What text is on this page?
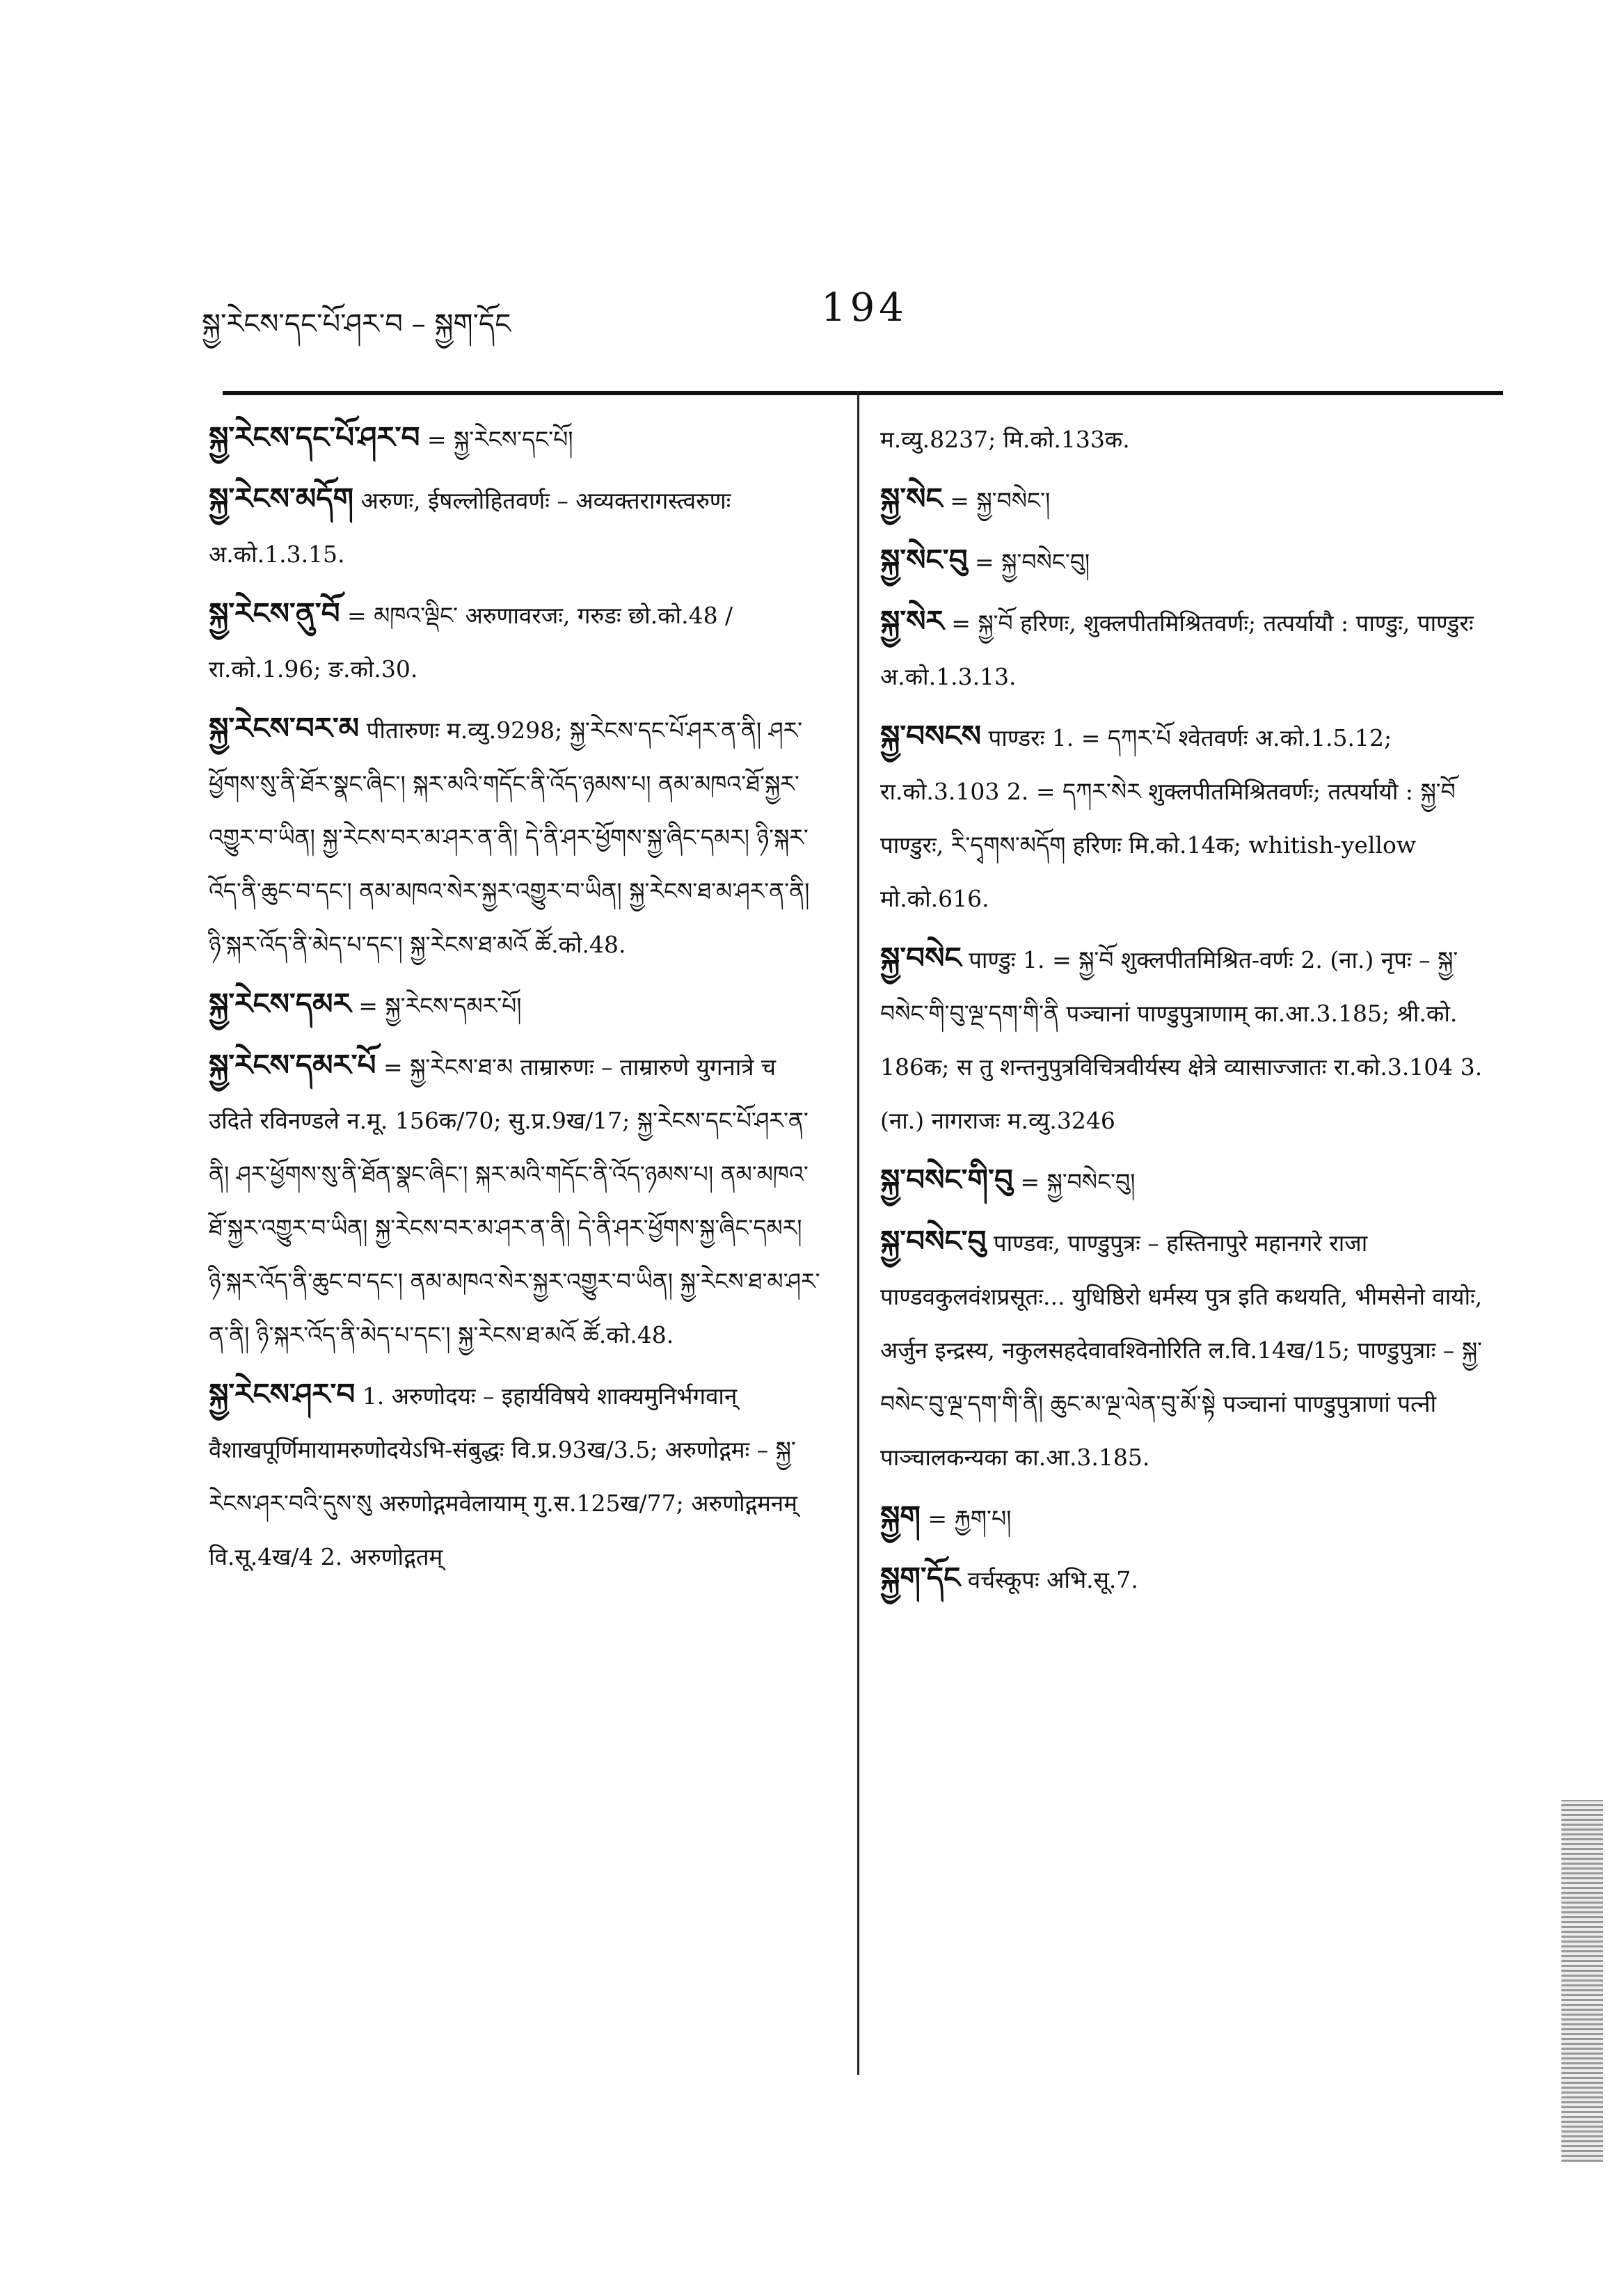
སྐྱ་རེངས་དང་པོ་ཤར་བ – སྐྱག་དོང	194
སྐྱ་རེངས་དང་པོ་ཤར་བ = སྐྱ་རེངས་དང་པོ།
སྐྱ་རེངས་མདོག अरुणः, ईषल्लोहितवर्णः – अव्यक्तरागस्त्वरुणः अ.को.1.3.15.
སྐྱ་རེངས་ནུ་བོ = མཁའ་ལྡིང་ अरुणावरजः, गरुडः छो.को.48 / रा.को.1.96; ङ.को.30.
སྐྱ་རེངས་བར་མ पीतारुणः म.व्यु.9298; སྐྱ་རེངས་དང་པོ་ཤར་ན་ནི། ཤར་ཕྱོགས་སུ་ནི་ཐོར་སྣང་ཞིང་། སྐར་མའི་གདོང་ནི་འོད་ཉམས་པ། ནམ་མཁའ་ཐོ་སྐྱར་འགྱུར་བ་ཡིན། སྐྱ་རེངས་བར་མ་ཤར་ན་ནི། དེ་ནི་ཤར་ཕྱོགས་སྐྱ་ཞིང་དམར། ཉི་སྐར་འོད་ནི་ཆུང་བ་དང་། ནམ་མཁའ་སེར་སྐྱར་འགྱུར་བ་ཡིན། སྐྱ་རེངས་ཐ་མ་ཤར་ན་ནི། ཉི་སྐར་འོད་ནི་མེད་པ་དང་། སྐྱ་རེངས་ཐ་མའོ ཚོ.को.48.
སྐྱ་རེངས་དམར = སྐྱ་རེངས་དམར་པོ།
སྐྱ་རེངས་དམར་པོ = སྐྱ་རེངས་ཐ་མ ताम्रारुणः – ताम्रारुणे युगनात्रे च उदिते रविनण्डले न.मू. 156क/70; सु.प्र.9ख/17; སྐྱ་རེངས་དང་པོ་ཤར་ན་ནི། ཤར་ཕྱོགས་སུ་ནི་ཐོན་སྣང་ཞིང་། སྐར་མའི་གདོང་ནི་འོད་ཉམས་པ། ནམ་མཁའ་ཐོ་སྐྱར་འགྱུར་བ་ཡིན། སྐྱ་རེངས་བར་མ་ཤར་ན་ནི། དེ་ནི་ཤར་ཕྱོགས་སྐྱ་ཞིང་དམར། ཉི་སྐར་འོད་ནི་ཆུང་བ་དང་། ནམ་མཁའ་སེར་སྐྱར་འགྱུར་བ་ཡིན། སྐྱ་རེངས་ཐ་མ་ཤར་ན་ནི། ཉི་སྐར་འོད་ནི་མེད་པ་དང་། སྐྱ་རེངས་ཐ་མའོ ཚོ.को.48.
སྐྱ་རེངས་ཤར་བ 1. अरुणोदयः – इहार्यविषये शाक्यमुनिर्भगवान् वैशाखपूर्णिमायामरुणोदयेऽभि-संबुद्धः वि.प्र.93ख/3.5; अरुणोद्गमः – སྐྱ་རེངས་ཤར་བའི་དུས་སུ अरुणोद्गमवेलायाम् गु.स.125ख/77; अरुणोद्गमनम् वि.सू.4ख/4 2. अरुणोद्गतम्
म.व्यु.8237; मि.को.133क.
སྐྱ་སེང = སྐྱ་བསེང་།
སྐྱ་སེང་བུ = སྐྱ་བསེང་བུ།
སྐྱ་སེར = སྐྱ་བོ हरिणः, शुक्लपीतमिश्रितवर्णः; तत्पर्यायौ : पाण्डुः, पाण्डुरः अ.को.1.3.13.
སྐྱ་བསངས पाण्डरः 1. = དཀར་པོ श्वेतवर्णः अ.को.1.5.12; रा.को.3.103 2. = དཀར་སེར शुक्लपीतमिश्रितवर्णः; तत्पर्यायौ : སྐྱ་བོ पाण्डुरः, རི་དྭགས་མདོག हरिणः मि.को.14क; whitish-yellow मो.को.616.
སྐྱ་བསེང पाण्डुः 1. = སྐྱ་བོ शुक्लपीतमिश्रित-वर्णः 2. (ना.) नृपः – སྐྱ་བསེང་གི་བུ་ལྔ་དག་གི་ནི पञ्चानां पाण्डुपुत्राणाम् का.आ.3.185; श्री.को. 186क; स तु शन्तनुपुत्रविचित्रवीर्यस्य क्षेत्रे व्यासाज्जातः रा.को.3.104 3. (ना.) नागराजः म.व्यु.3246
སྐྱ་བསེང་གི་བུ = སྐྱ་བསེང་བུ།
སྐྱ་བསེང་བུ पाण्डवः, पाण्डुपुत्रः – हस्तिनापुरे महानगरे राजा पाण्डवकुलवंशप्रसूतः... युधिष्ठिरो धर्मस्य पुत्र इति कथयति, भीमसेनो वायोः, अर्जुन इन्द्रस्य, नकुलसहदेवावश्विनोरिति ल.वि.14ख/15; पाण्डुपुत्राः – སྐྱ་བསེང་བུ་ལྔ་དག་གི་ནི། ཆུང་མ་ལྔ་ལེན་བུ་མོ་སྟེ पञ्चानां पाण्डुपुत्राणां पत्नी पाञ्चालकन्यका का.आ.3.185.
སྐྱག = རྐྱག་པ།
སྐྱག་དོང वर्चस्कूपः अभि.सू.7.
